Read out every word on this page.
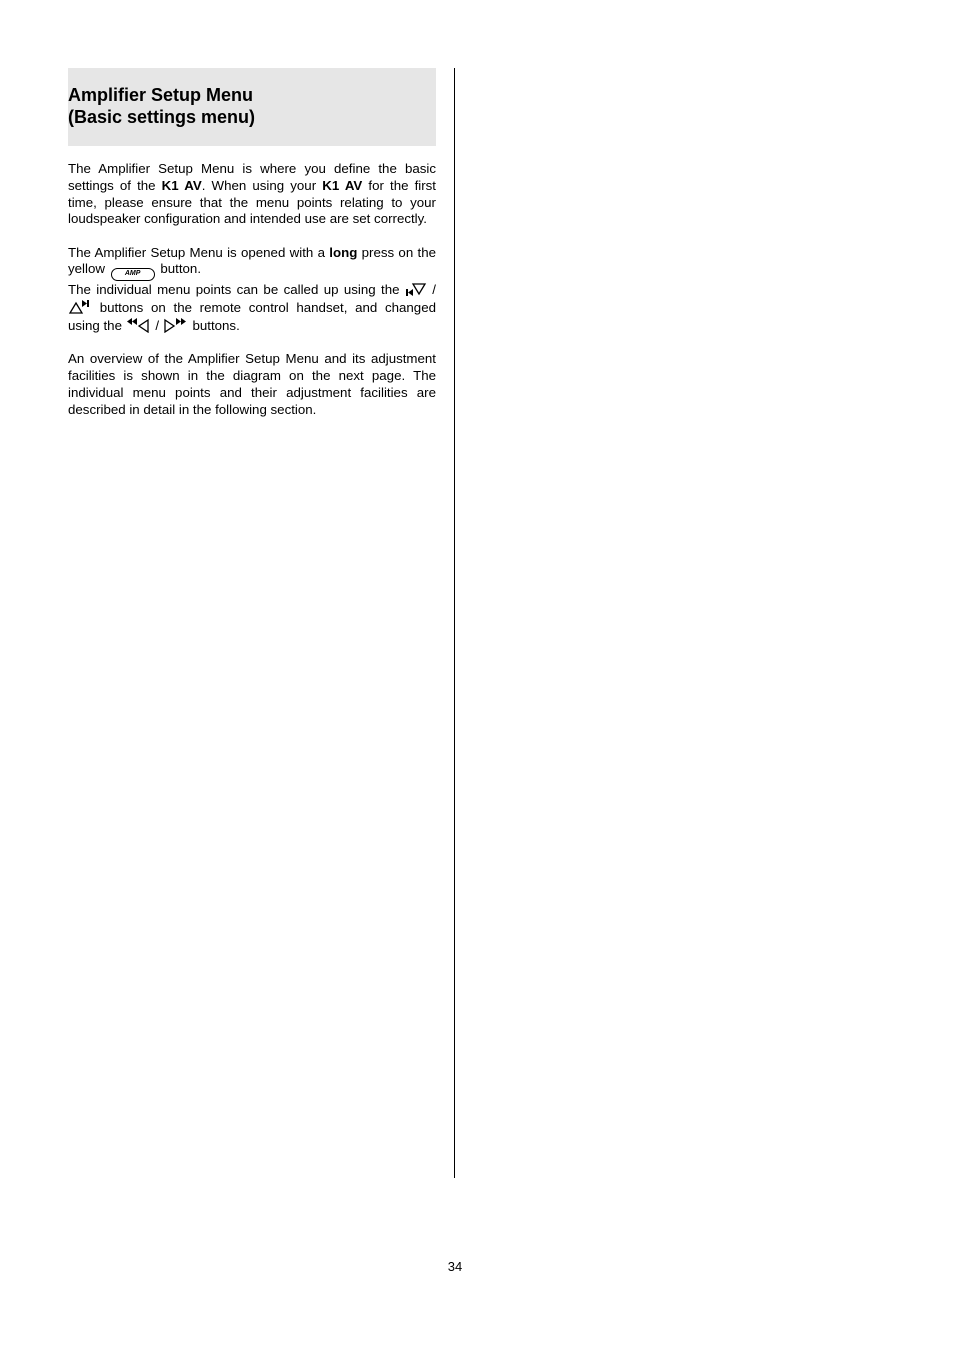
Amplifier Setup Menu
(Basic settings menu)

The Amplifier Setup Menu is where you define the basic settings of the K1 AV. When using your K1 AV for the first time, please ensure that the menu points relating to your loudspeaker configuration and intended use are set correctly.

The Amplifier Setup Menu is opened with a long press on the yellow AMP button.

The individual menu points can be called up using the  /  buttons on the remote control handset, and changed using the  /  buttons.

An overview of the Amplifier Setup Menu and its adjustment facilities is shown in the diagram on the next page. The individual menu points and their adjustment facilities are described in detail in the following section.

34
